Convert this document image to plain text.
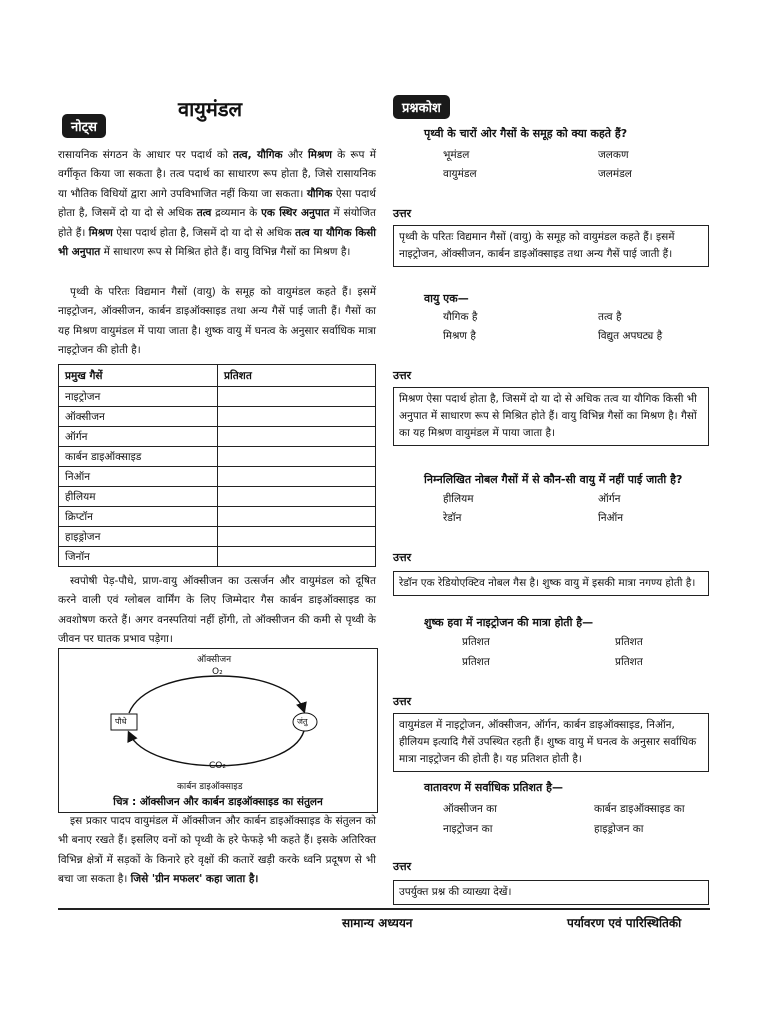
वायुमंडल
नोट्स
प्रश्नकोश
रासायनिक संगठन के आधार पर पदार्थ को तत्व, यौगिक और मिश्रण के रूप में वर्गीकृत किया जा सकता है। तत्व पदार्थ का साधारण रूप होता है, जिसे रासायनिक या भौतिक विधियों द्वारा आगे उपविभाजित नहीं किया जा सकता। यौगिक ऐसा पदार्थ होता है, जिसमें दो या दो से अधिक तत्व द्रव्यमान के एक स्थिर अनुपात में संयोजित होते हैं। मिश्रण ऐसा पदार्थ होता है, जिसमें दो या दो से अधिक तत्व या यौगिक किसी भी अनुपात में साधारण रूप से मिश्रित होते हैं। वायु विभिन्न गैसों का मिश्रण है।
पृथ्वी के परितः विद्यमान गैसों (वायु) के समूह को वायुमंडल कहते हैं। इसमें नाइट्रोजन, ऑक्सीजन, कार्बन डाइऑक्साइड तथा अन्य गैसें पाई जाती हैं। गैसों का यह मिश्रण वायुमंडल में पाया जाता है। शुष्क वायु में घनत्व के अनुसार सर्वाधिक मात्रा नाइट्रोजन की होती है।
प्रमुख गैसें	प्रतिशत
नाइट्रोजन	
ऑक्सीजन	
ऑर्गन	
कार्बन डाइऑक्साइड	
निऑन	
हीलियम	
क्रिप्टॉन	
हाइड्रोजन	
जिनॉन	
स्वपोषी पेड़-पौधे, प्राण-वायु ऑक्सीजन का उत्सर्जन और वायुमंडल को दूषित करने वाली एवं ग्लोबल वार्मिंग के लिए जिम्मेदार गैस कार्बन डाइऑक्साइड का अवशोषण करते हैं। अगर वनस्पतियां नहीं होंगी, तो ऑक्सीजन की कमी से पृथ्वी के जीवन पर घातक प्रभाव पड़ेगा।
ऑक्सीजन
O₂
पौधे	जंतु
CO₂
कार्बन डाइऑक्साइड
चित्र : ऑक्सीजन और कार्बन डाइऑक्साइड का संतुलन
इस प्रकार पादप वायुमंडल में ऑक्सीजन और कार्बन डाइऑक्साइड के संतुलन को भी बनाए रखते हैं। इसलिए वनों को पृथ्वी के हरे फेफड़े भी कहते हैं। इसके अतिरिक्त विभिन्न क्षेत्रों में सड़कों के किनारे हरे वृक्षों की कतारें खड़ी करके ध्वनि प्रदूषण से भी बचा जा सकता है। जिसे 'ग्रीन मफलर' कहा जाता है।
पृथ्वी के चारों ओर गैसों के समूह को क्या कहते हैं?
भूमंडल	जलकण
वायुमंडल	जलमंडल
उत्तर
पृथ्वी के परितः विद्यमान गैसों (वायु) के समूह को वायुमंडल कहते हैं। इसमें नाइट्रोजन, ऑक्सीजन, कार्बन डाइऑक्साइड तथा अन्य गैसें पाई जाती हैं।
वायु एक—
यौगिक है	तत्व है
मिश्रण है	विद्युत अपघट्य है
उत्तर
मिश्रण ऐसा पदार्थ होता है, जिसमें दो या दो से अधिक तत्व या यौगिक किसी भी अनुपात में साधारण रूप से मिश्रित होते हैं। वायु विभिन्न गैसों का मिश्रण है। गैसों का यह मिश्रण वायुमंडल में पाया जाता है।
निम्नलिखित नोबल गैसों में से कौन-सी वायु में नहीं पाई जाती है?
हीलियम	ऑर्गन
रेडॉन	निऑन
उत्तर
रेडॉन एक रेडियोएक्टिव नोबल गैस है। शुष्क वायु में इसकी मात्रा नगण्य होती है।
शुष्क हवा में नाइट्रोजन की मात्रा होती है—
प्रतिशत	प्रतिशत
प्रतिशत	प्रतिशत
उत्तर
वायुमंडल में नाइट्रोजन, ऑक्सीजन, ऑर्गन, कार्बन डाइऑक्साइड, निऑन, हीलियम इत्यादि गैसें उपस्थित रहती हैं। शुष्क वायु में घनत्व के अनुसार सर्वाधिक मात्रा नाइट्रोजन की होती है। यह प्रतिशत होती है।
वातावरण में सर्वाधिक प्रतिशत है—
ऑक्सीजन का	कार्बन डाइऑक्साइड का
नाइट्रोजन का	हाइड्रोजन का
उत्तर
उपर्युक्त प्रश्न की व्याख्या देखें।
सामान्य अध्ययन	पर्यावरण एवं पारिस्थितिकी
